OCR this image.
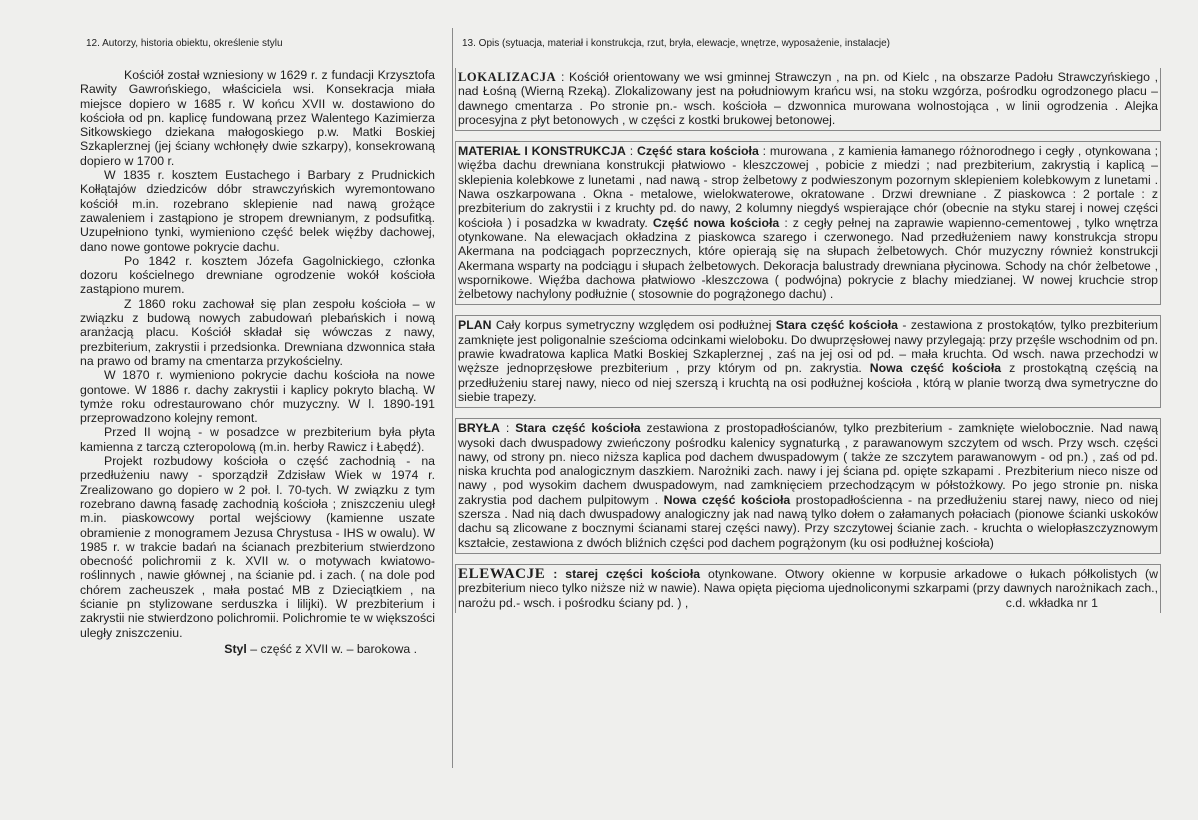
12. Autorzy, historia obiektu, określenie stylu	13. Opis (sytuacja, materiał i konstrukcja, rzut, bryła, elewacje, wnętrze, wyposażenie, instalacje)

Kościół został wzniesiony w 1629 r. z fundacji Krzysztofa Rawity Gawrońskiego, właściciela wsi. Konsekracja miała miejsce dopiero w 1685 r. W końcu XVII w. dostawiono do kościoła od pn. kaplicę fundowaną przez Walentego Kazimierza Sitkowskiego dziekana małogoskiego p.w. Matki Boskiej Szkaplerznej (jej ściany wchłonęły dwie szkarpy), konsekrowaną dopiero w 1700 r.

W 1835 r. kosztem Eustachego i Barbary z Prudnickich Kołłątajów dziedziców dóbr strawczyńskich wyremontowano kościół m.in. rozebrano sklepienie nad nawą grożące zawaleniem i zastąpiono je stropem drewnianym, z podsufitką. Uzupełniono tynki, wymieniono część belek więźby dachowej, dano nowe gontowe pokrycie dachu.

Po 1842 r. kosztem Józefa Gagolnickiego, członka dozoru kościelnego drewniane ogrodzenie wokół kościoła zastąpiono murem.

Z 1860 roku zachował się plan zespołu kościoła – w związku z budową nowych zabudowań plebańskich i nową aranżacją placu. Kościół składał się wówczas z nawy, prezbiterium, zakrystii i przedsionka. Drewniana dzwonnica stała na prawo od bramy na cmentarza przykościelny.

W 1870 r. wymieniono pokrycie dachu kościoła na nowe gontowe. W 1886 r. dachy zakrystii i kaplicy pokryto blachą. W tymże roku odrestaurowano chór muzyczny. W l. 1890-191 przeprowadzono kolejny remont.

Przed II wojną - w posadzce w prezbiterium była płyta kamienna z tarczą czteropolową (m.in. herby Rawicz i Łabędź).

Projekt rozbudowy kościoła o część zachodnią - na przedłużeniu nawy - sporządził Zdzisław Wiek w 1974 r. Zrealizowano go dopiero w 2 poł. l. 70-tych. W związku z tym rozebrano dawną fasadę zachodnią kościoła ; zniszczeniu uległ m.in. piaskowcowy portal wejściowy (kamienne uszate obramienie z monogramem Jezusa Chrystusa - IHS w owalu). W 1985 r. w trakcie badań na ścianach prezbiterium stwierdzono obecność polichromii z k. XVII w. o motywach kwiatowo-roślinnych , nawie głównej , na ścianie pd. i zach. ( na dole pod chórem zacheuszek , mała postać MB z Dzieciątkiem , na ścianie pn stylizowane serduszka i lilijki). W prezbiterium i zakrystii nie stwierdzono polichromii. Polichromie te w większości uległy zniszczeniu.

Styl – część z XVII w. – barokowa .

LOKALIZACJA : Kościół orientowany we wsi gminnej Strawczyn , na pn. od Kielc , na obszarze Padołu Strawczyńskiego , nad Łośną (Wierną Rzeką). Zlokalizowany jest na południowym krańcu wsi, na stoku wzgórza, pośrodku ogrodzonego placu – dawnego cmentarza . Po stronie pn.- wsch. kościoła – dzwonnica murowana wolnostojąca , w linii ogrodzenia . Alejka procesyjna z płyt betonowych , w części z kostki brukowej betonowej.
MATERIAŁ I KONSTRUKCJA : Część stara kościoła : murowana , z kamienia łamanego różnorodnego i cegły , otynkowana ; więźba dachu drewniana konstrukcji płatwiowo - kleszczowej , pobicie z miedzi ; nad prezbiterium, zakrystią i kaplicą – sklepienia kolebkowe z lunetami , nad nawą - strop żelbetowy z podwieszonym pozornym sklepieniem kolebkowym z lunetami . Nawa oszkarpowana . Okna - metalowe, wielokwaterowe, okratowane . Drzwi drewniane . Z piaskowca : 2 portale : z prezbiterium do zakrystii i z kruchty pd. do nawy, 2 kolumny niegdyś wspierające chór (obecnie na styku starej i nowej części kościoła ) i posadzka w kwadraty. Część nowa kościoła : z cegły pełnej na zaprawie wapienno-cementowej , tylko wnętrza otynkowane. Na elewacjach okładzina z piaskowca szarego i czerwonego. Nad przedłużeniem nawy konstrukcja stropu Akermana na podciągach poprzecznych, które opierają się na słupach żelbetowych. Chór muzyczny również konstrukcji Akermana wsparty na podciągu i słupach żelbetowych. Dekoracja balustrady drewniana płycinowa. Schody na chór żelbetowe , wspornikowe. Więźba dachowa płatwiowo -kleszczowa ( podwójna) pokrycie z blachy miedzianej. W nowej kruchcie strop żelbetowy nachylony podłużnie ( stosownie do pogrążonego dachu) .
PLAN Cały korpus symetryczny względem osi podłużnej Stara część kościoła - zestawiona z prostokątów, tylko prezbiterium zamknięte jest poligonalnie sześcioma odcinkami wieloboku. Do dwuprzęsłowej nawy przylegają: przy przęśle wschodnim od pn. prawie kwadratowa kaplica Matki Boskiej Szkaplerznej , zaś na jej osi od pd. – mała kruchta. Od wsch. nawa przechodzi w węższe jednoprzęsłowe prezbiterium , przy którym od pn. zakrystia. Nowa część kościoła z prostokątną częścią na przedłużeniu starej nawy, nieco od niej szerszą i kruchtą na osi podłużnej kościoła , którą w planie tworzą dwa symetryczne do siebie trapezy.
BRYŁA : Stara część kościoła zestawiona z prostopadłościanów, tylko prezbiterium - zamknięte wielobocznie. Nad nawą wysoki dach dwuspadowy zwieńczony pośrodku kalenicy sygnaturką , z parawanowym szczytem od wsch. Przy wsch. części nawy, od strony pn. nieco niższa kaplica pod dachem dwuspadowym ( także ze szczytem parawanowym - od pn.) , zaś od pd. niska kruchta pod analogicznym daszkiem. Narożniki zach. nawy i jej ściana pd. opięte szkapami . Prezbiterium nieco nisze od nawy , pod wysokim dachem dwuspadowym, nad zamknięciem przechodzącym w półstożkowy. Po jego stronie pn. niska zakrystia pod dachem pulpitowym . Nowa część kościoła prostopadłościenna - na przedłużeniu starej nawy, nieco od niej szersza . Nad nią dach dwuspadowy analogiczny jak nad nawą tylko dołem o załamanych połaciach (pionowe ścianki uskoków dachu są zlicowane z bocznymi ścianami starej części nawy). Przy szczytowej ścianie zach. - kruchta o wielopłaszczyznowym kształcie, zestawiona z dwóch bliźnich części pod dachem pogrążonym (ku osi podłużnej kościoła)
ELEWACJE : starej części kościoła otynkowane. Otwory okienne w korpusie arkadowe o łukach półkolistych (w prezbiterium nieco tylko niższe niż w nawie). Nawa opięta pięcioma ujednoliconymi szkarpami (przy dawnych narożnikach zach., narożu pd.- wsch. i pośrodku ściany pd. ) ,	c.d. wkładka nr 1
